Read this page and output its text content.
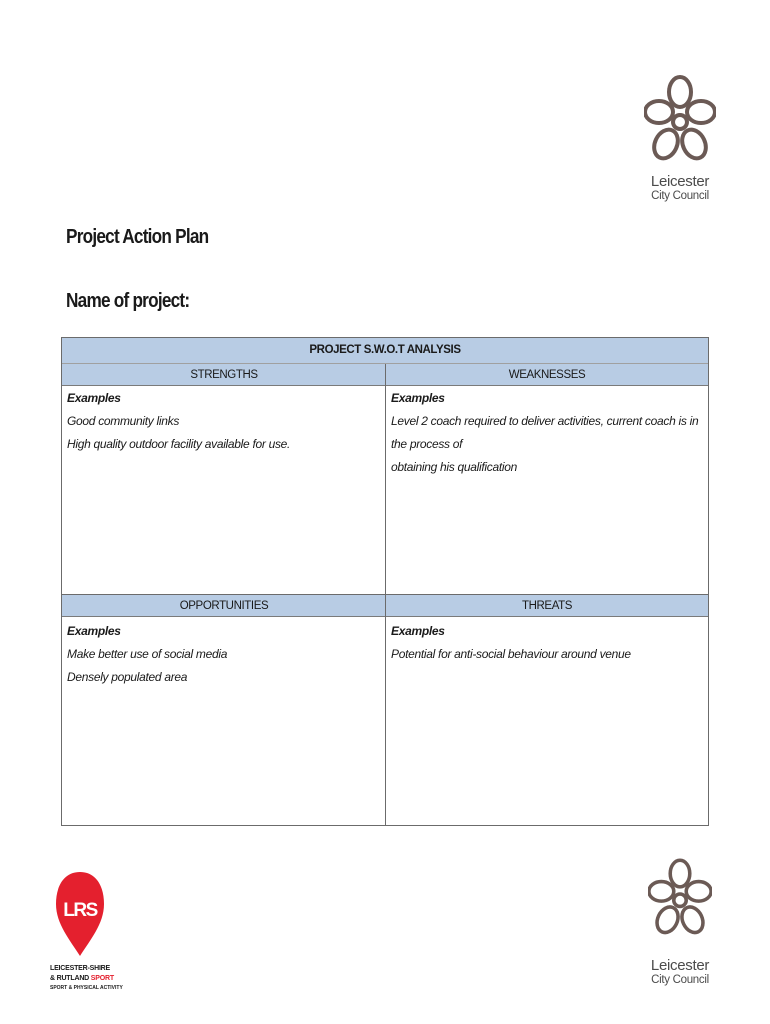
Leicester
City Council
Project Action Plan
Name of project:
PROJECT S.W.O.T ANALYSIS
STRENGTHS	WEAKNESSES
Examples
Good community links
High quality outdoor facility available for use.
Examples
Level 2 coach required to deliver activities, current coach is in the process of
obtaining his qualification
OPPORTUNITIES	THREATS
Examples
Make better use of social media
Densely populated area
Examples
Potential for anti-social behaviour around venue
LRS
LEICESTER-SHIRE
& RUTLAND SPORT
SPORT & PHYSICAL ACTIVITY
Leicester
City Council
